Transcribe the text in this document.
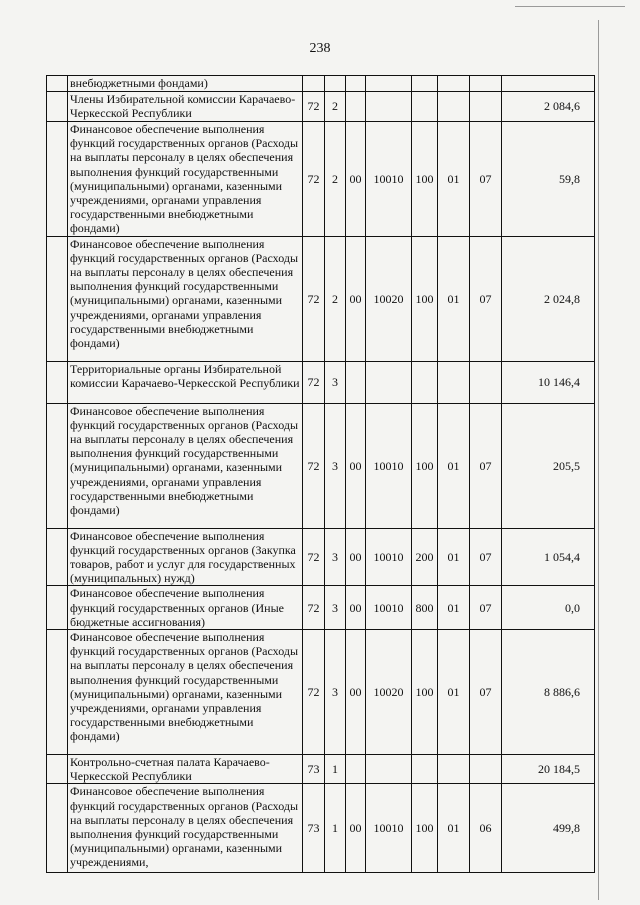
238
	внебюджетными фондами)								
	Члены Избирательной комиссии Карачаево-Черкесской Республики	72	2						2 084,6
	Финансовое обеспечение выполнения функций государственных органов (Расходы на выплаты персоналу в целях обеспечения выполнения функций государственными (муниципальными) органами, казенными учреждениями, органами управления государственными внебюджетными фондами)	72	2	00	10010	100	01	07	59,8
	Финансовое обеспечение выполнения функций государственных органов (Расходы на выплаты персоналу в целях обеспечения выполнения функций государственными (муниципальными) органами, казенными учреждениями, органами управления государственными внебюджетными фондами)	72	2	00	10020	100	01	07	2 024,8
	Территориальные органы Избирательной комиссии Карачаево-Черкесской Республики	72	3						10 146,4
	Финансовое обеспечение выполнения функций государственных органов (Расходы на выплаты персоналу в целях обеспечения выполнения функций государственными (муниципальными) органами, казенными учреждениями, органами управления государственными внебюджетными фондами)	72	3	00	10010	100	01	07	205,5
	Финансовое обеспечение выполнения функций государственных органов (Закупка товаров, работ и услуг для государственных (муниципальных) нужд)	72	3	00	10010	200	01	07	1 054,4
	Финансовое обеспечение выполнения функций государственных органов (Иные бюджетные ассигнования)	72	3	00	10010	800	01	07	0,0
	Финансовое обеспечение выполнения функций государственных органов (Расходы на выплаты персоналу в целях обеспечения выполнения функций государственными (муниципальными) органами, казенными учреждениями, органами управления государственными внебюджетными фондами)	72	3	00	10020	100	01	07	8 886,6
	Контрольно-счетная палата Карачаево-Черкесской Республики	73	1						20 184,5
	Финансовое обеспечение выполнения функций государственных органов (Расходы на выплаты персоналу в целях обеспечения выполнения функций государственными (муниципальными) органами, казенными учреждениями,	73	1	00	10010	100	01	06	499,8
